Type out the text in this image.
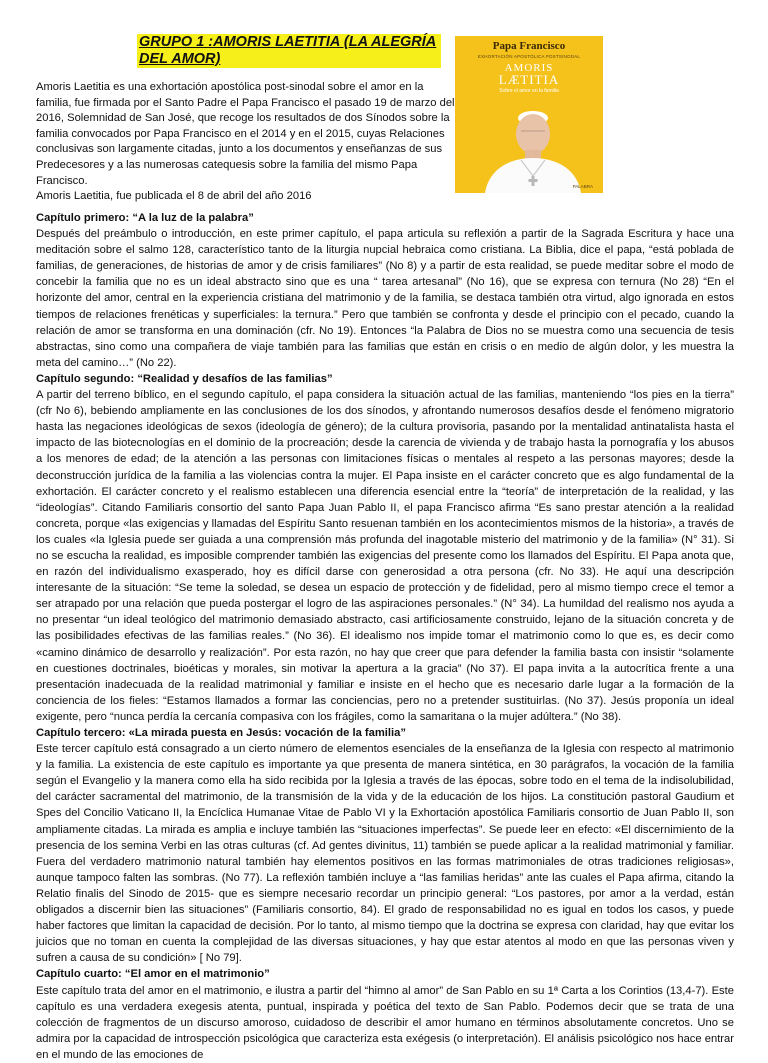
GRUPO 1 :AMORIS LAETITIA (LA ALEGRÍA DEL AMOR)

Amoris Laetitia es una exhortación apostólica post-sinodal sobre el amor en la familia, fue firmada por el Santo Padre el Papa Francisco el pasado 19 de marzo del 2016, Solemnidad de San José, que recoge los resultados de dos Sínodos sobre la familia convocados por Papa Francisco en el 2014 y en el 2015, cuyas Relaciones conclusivas son largamente citadas, junto a los documentos y enseñanzas de sus Predecesores y a las numerosas catequesis sobre la familia del mismo Papa Francisco.

Amoris Laetitia, fue publicada el 8 de abril del año 2016

Papa Francisco
EXHORTACIÓN APOSTÓLICA POSTSINODAL
AMORIS
LÆTITIA
Sobre el amor en la familia
PALABRA
Capítulo primero: “A la luz de la palabra”

Después del preámbulo o introducción, en este primer capítulo, el papa articula su reflexión a partir de la Sagrada Escritura y hace una meditación sobre el salmo 128, característico tanto de la liturgia nupcial hebraica como cristiana. La Biblia, dice el papa, “está poblada de familias, de generaciones, de historias de amor y de crisis familiares” (No 8) y a partir de esta realidad, se puede meditar sobre el modo de concebir la familia que no es un ideal abstracto sino que es una “ tarea artesanal” (No 16), que se expresa con ternura (No 28) “En el horizonte del amor, central en la experiencia cristiana del matrimonio y de la familia, se destaca también otra virtud, algo ignorada en estos tiempos de relaciones frenéticas y superficiales: la ternura.” Pero que también se confronta y desde el principio con el pecado, cuando la relación de amor se transforma en una dominación (cfr. No 19). Entonces “la Palabra de Dios no se muestra como una secuencia de tesis abstractas, sino como una compañera de viaje también para las familias que están en crisis o en medio de algún dolor, y les muestra la meta del camino…” (No 22).

Capítulo segundo: “Realidad y desafíos de las familias”

A partir del terreno bíblico, en el segundo capítulo, el papa considera la situación actual de las familias, manteniendo “los pies en la tierra” (cfr No 6), bebiendo ampliamente en las conclusiones de los dos sínodos, y afrontando numerosos desafíos desde el fenómeno migratorio hasta las negaciones ideológicas de sexos (ideología de género); de la cultura provisoria, pasando por la mentalidad antinatalista hasta el impacto de las biotecnologías en el dominio de la procreación; desde la carencia de vivienda y de trabajo hasta la pornografía y los abusos a los menores de edad; de la atención a las personas con limitaciones físicas o mentales al respeto a las personas mayores; desde la deconstrucción jurídica de la familia a las violencias contra la mujer. El Papa insiste en el carácter concreto que es algo fundamental de la exhortación. El carácter concreto y el realismo establecen una diferencia esencial entre la “teoría” de interpretación de la realidad, y las “ideologías”. Citando Familiaris consortio del santo Papa Juan Pablo II, el papa Francisco afirma “Es sano prestar atención a la realidad concreta, porque «las exigencias y llamadas del Espíritu Santo resuenan también en los acontecimientos mismos de la historia», a través de los cuales «la Iglesia puede ser guiada a una comprensión más profunda del inagotable misterio del matrimonio y de la familia» (N° 31). Si no se escucha la realidad, es imposible comprender también las exigencias del presente como los llamados del Espíritu. El Papa anota que, en razón del individualismo exasperado, hoy es difícil darse con generosidad a otra persona (cfr. No 33). He aquí una descripción interesante de la situación: “Se teme la soledad, se desea un espacio de protección y de fidelidad, pero al mismo tiempo crece el temor a ser atrapado por una relación que pueda postergar el logro de las aspiraciones personales.” (N° 34). La humildad del realismo nos ayuda a no presentar “un ideal teológico del matrimonio demasiado abstracto, casi artificiosamente construido, lejano de la situación concreta y de las posibilidades efectivas de las familias reales.” (No 36). El idealismo nos impide tomar el matrimonio como lo que es, es decir como «camino dinámico de desarrollo y realización”. Por esta razón, no hay que creer que para defender la familia basta con insistir “solamente en cuestiones doctrinales, bioéticas y morales, sin motivar la apertura a la gracia” (No 37). El papa invita a la autocrítica frente a una presentación inadecuada de la realidad matrimonial y familiar e insiste en el hecho que es necesario darle lugar a la formación de la conciencia de los fieles: “Estamos llamados a formar las conciencias, pero no a pretender sustituirlas. (No 37). Jesús proponía un ideal exigente, pero “nunca perdía la cercanía compasiva con los frágiles, como la samaritana o la mujer adúltera.” (No 38).

Capítulo tercero: «La mirada puesta en Jesús: vocación de la familia”

Este tercer capítulo está consagrado a un cierto número de elementos esenciales de la enseñanza de la Iglesia con respecto al matrimonio y la familia. La existencia de este capítulo es importante ya que presenta de manera sintética, en 30 parágrafos, la vocación de la familia según el Evangelio y la manera como ella ha sido recibida por la Iglesia a través de las épocas, sobre todo en el tema de la indisolubilidad, del carácter sacramental del matrimonio, de la transmisión de la vida y de la educación de los hijos. La constitución pastoral Gaudium et Spes del Concilio Vaticano II, la Encíclica Humanae Vitae de Pablo VI y la Exhortación apostólica Familiaris consortio de Juan Pablo II, son ampliamente citadas. La mirada es amplia e incluye también las “situaciones imperfectas”. Se puede leer en efecto: «El discernimiento de la presencia de los semina Verbi en las otras culturas (cf. Ad gentes divinitus, 11) también se puede aplicar a la realidad matrimonial y familiar. Fuera del verdadero matrimonio natural también hay elementos positivos en las formas matrimoniales de otras tradiciones religiosas», aunque tampoco falten las sombras. (No 77). La reflexión también incluye a “las familias heridas” ante las cuales el Papa afirma, citando la Relatio finalis del Sinodo de 2015- que es siempre necesario recordar un principio general: “Los pastores, por amor a la verdad, están obligados a discernir bien las situaciones” (Familiaris consortio, 84). El grado de responsabilidad no es igual en todos los casos, y puede haber factores que limitan la capacidad de decisión. Por lo tanto, al mismo tiempo que la doctrina se expresa con claridad, hay que evitar los juicios que no toman en cuenta la complejidad de las diversas situaciones, y hay que estar atentos al modo en que las personas viven y sufren a causa de su condición» [ No 79].

Capítulo cuarto: “El amor en el matrimonio”

Este capítulo trata del amor en el matrimonio, e ilustra a partir del “himno al amor” de San Pablo en su 1ª Carta a los Corintios (13,4-7). Este capítulo es una verdadera exegesis atenta, puntual, inspirada y poética del texto de San Pablo. Podemos decir que se trata de una colección de fragmentos de un discurso amoroso, cuidadoso de describir el amor humano en términos absolutamente concretos. Uno se admira por la capacidad de introspección psicológica que caracteriza esta exégesis (o interpretación). El análisis psicológico nos hace entrar en el mundo de las emociones de
